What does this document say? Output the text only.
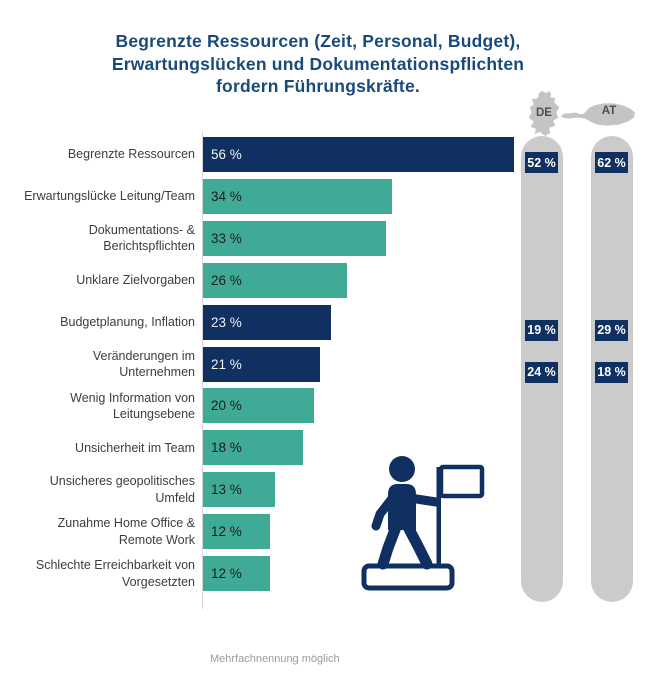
Begrenzte Ressourcen (Zeit, Personal, Budget),
Erwartungslücken und Dokumentationspflichten
fordern Führungskräfte.
DE	AT
52 %
19 %
24 %
62 %
29 %
18 %
Begrenzte Ressourcen 56 %
Erwartungslücke Leitung/Team 34 %
Dokumentations- & Berichtspflichten
33 %
Unklare Zielvorgaben 26 %
Budgetplanung, Inflation 23 %
Veränderungen im Unternehmen
21 %
Wenig Information von Leitungsebene
20 %
Unsicherheit im Team 18 %
Unsicheres geopolitisches Umfeld
13 %
Zunahme Home Office & Remote Work
12 %
Schlechte Erreichbarkeit von Vorgesetzten
12 %
Mehrfachnennung möglich
